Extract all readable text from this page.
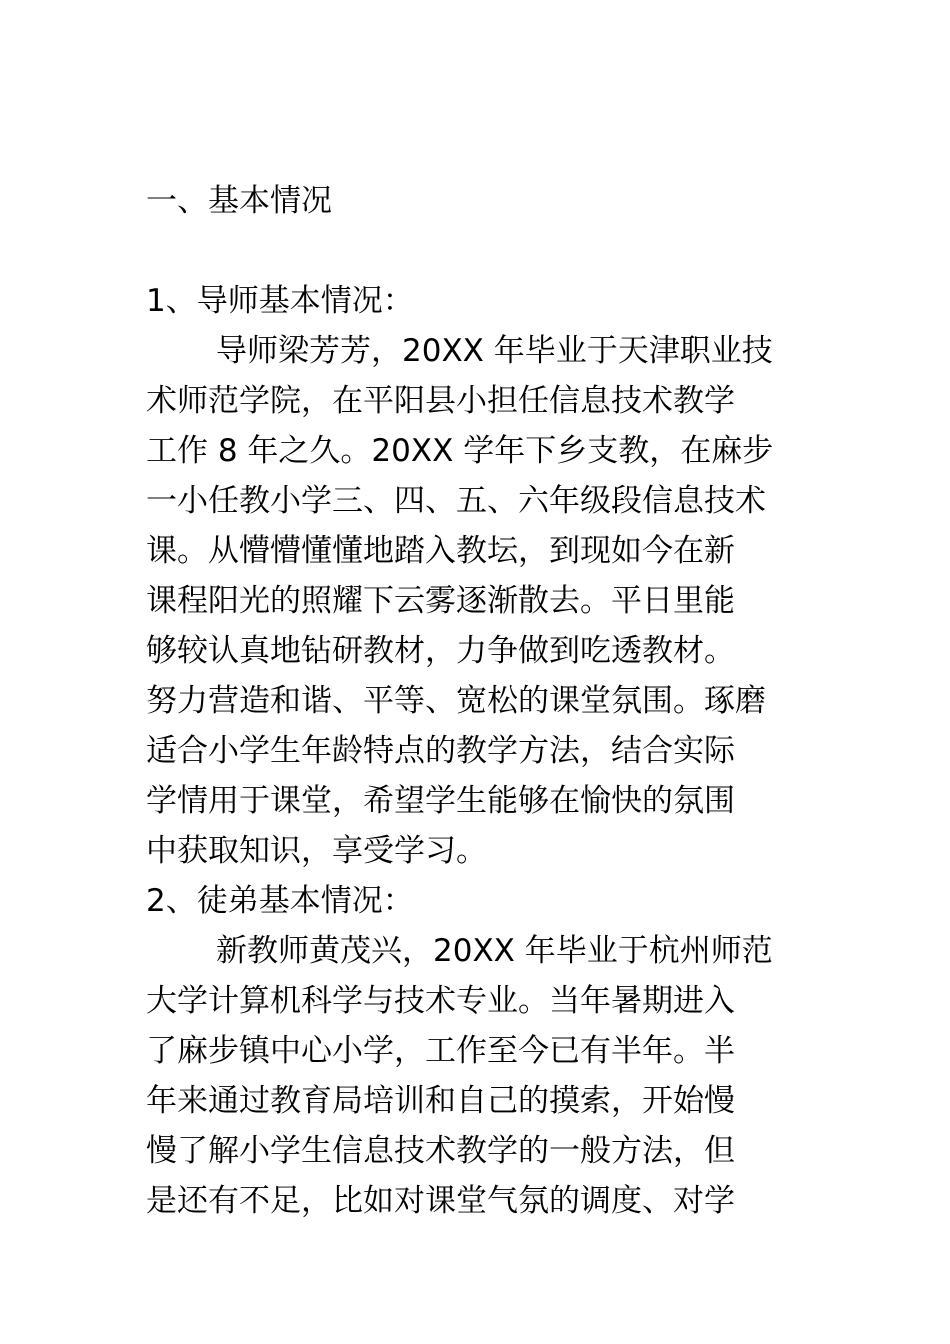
一、基本情况
1、导师基本情况：
导师梁芳芳，20XX 年毕业于天津职业技
术师范学院，在平阳县小担任信息技术教学
工作 8 年之久。20XX 学年下乡支教，在麻步
一小任教小学三、四、五、六年级段信息技术
课。从懵懵懂懂地踏入教坛，到现如今在新
课程阳光的照耀下云雾逐渐散去。平日里能
够较认真地钻研教材，力争做到吃透教材。
努力营造和谐、平等、宽松的课堂氛围。琢磨
适合小学生年龄特点的教学方法，结合实际
学情用于课堂，希望学生能够在愉快的氛围
中获取知识，享受学习。
2、徒弟基本情况：
新教师黄茂兴，20XX 年毕业于杭州师范
大学计算机科学与技术专业。当年暑期进入
了麻步镇中心小学，工作至今已有半年。半
年来通过教育局培训和自己的摸索，开始慢
慢了解小学生信息技术教学的一般方法，但
是还有不足，比如对课堂气氛的调度、对学
